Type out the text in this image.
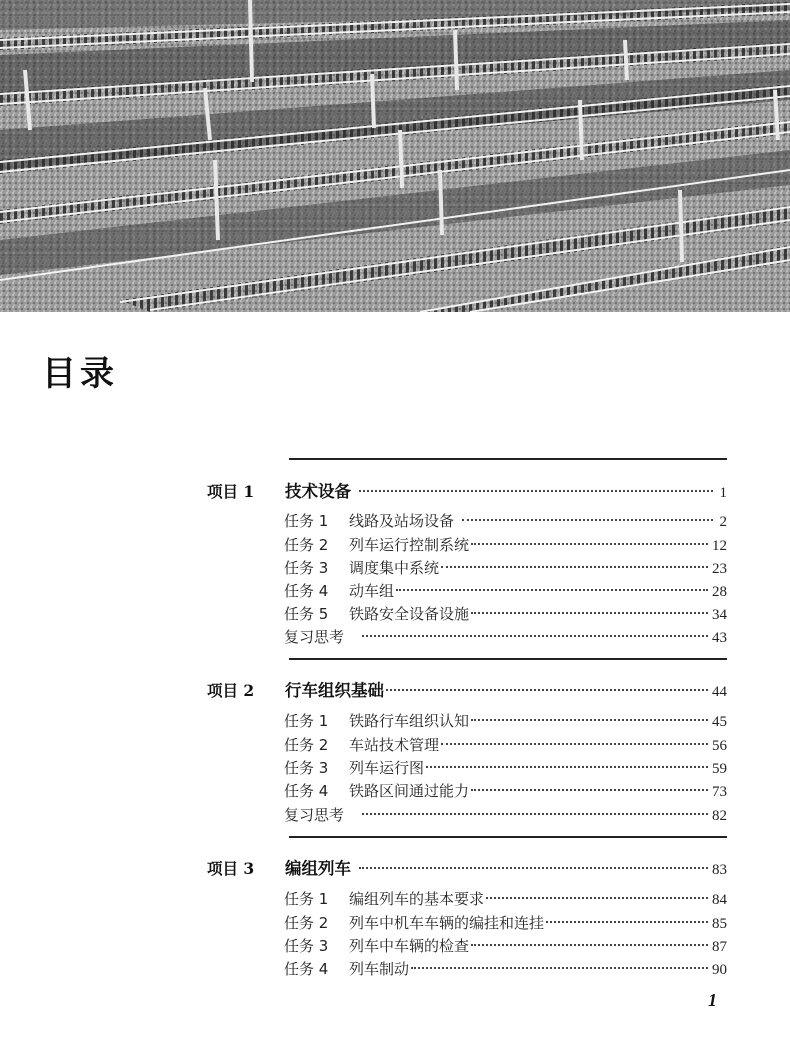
目录
项目 1	技术设备	1
任务 1	线路及站场设备	2
任务 2	列车运行控制系统	12
任务 3	调度集中系统	23
任务 4	动车组	28
任务 5	铁路安全设备设施	34
复习思考	43
项目 2	行车组织基础	44
任务 1	铁路行车组织认知	45
任务 2	车站技术管理	56
任务 3	列车运行图	59
任务 4	铁路区间通过能力	73
复习思考	82
项目 3	编组列车	83
任务 1	编组列车的基本要求	84
任务 2	列车中机车车辆的编挂和连挂	85
任务 3	列车中车辆的检查	87
任务 4	列车制动	90
1
